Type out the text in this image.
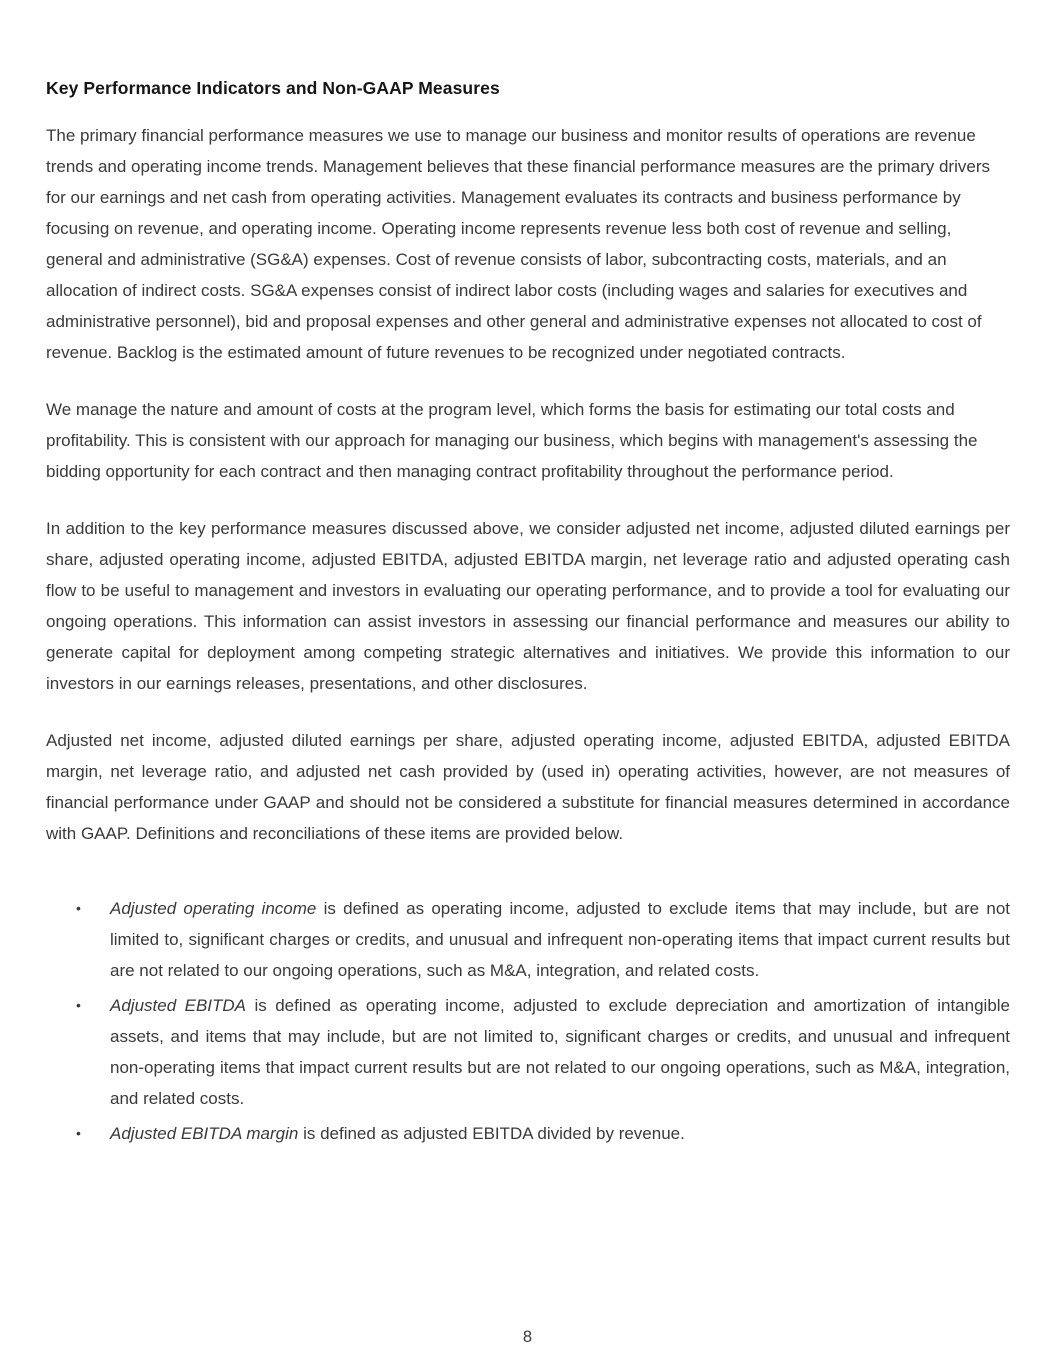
Key Performance Indicators and Non-GAAP Measures

The primary financial performance measures we use to manage our business and monitor results of operations are revenue trends and operating income trends. Management believes that these financial performance measures are the primary drivers for our earnings and net cash from operating activities. Management evaluates its contracts and business performance by focusing on revenue, and operating income. Operating income represents revenue less both cost of revenue and selling, general and administrative (SG&A) expenses. Cost of revenue consists of labor, subcontracting costs, materials, and an allocation of indirect costs. SG&A expenses consist of indirect labor costs (including wages and salaries for executives and administrative personnel), bid and proposal expenses and other general and administrative expenses not allocated to cost of revenue. Backlog is the estimated amount of future revenues to be recognized under negotiated contracts.

We manage the nature and amount of costs at the program level, which forms the basis for estimating our total costs and profitability. This is consistent with our approach for managing our business, which begins with management's assessing the bidding opportunity for each contract and then managing contract profitability throughout the performance period.

In addition to the key performance measures discussed above, we consider adjusted net income, adjusted diluted earnings per share, adjusted operating income, adjusted EBITDA, adjusted EBITDA margin, net leverage ratio and adjusted operating cash flow to be useful to management and investors in evaluating our operating performance, and to provide a tool for evaluating our ongoing operations. This information can assist investors in assessing our financial performance and measures our ability to generate capital for deployment among competing strategic alternatives and initiatives. We provide this information to our investors in our earnings releases, presentations, and other disclosures.

Adjusted net income, adjusted diluted earnings per share, adjusted operating income, adjusted EBITDA, adjusted EBITDA margin, net leverage ratio, and adjusted net cash provided by (used in) operating activities, however, are not measures of financial performance under GAAP and should not be considered a substitute for financial measures determined in accordance with GAAP. Definitions and reconciliations of these items are provided below.

• Adjusted operating income is defined as operating income, adjusted to exclude items that may include, but are not limited to, significant charges or credits, and unusual and infrequent non-operating items that impact current results but are not related to our ongoing operations, such as M&A, integration, and related costs.
• Adjusted EBITDA is defined as operating income, adjusted to exclude depreciation and amortization of intangible assets, and items that may include, but are not limited to, significant charges or credits, and unusual and infrequent non-operating items that impact current results but are not related to our ongoing operations, such as M&A, integration, and related costs.
• Adjusted EBITDA margin is defined as adjusted EBITDA divided by revenue.
8
